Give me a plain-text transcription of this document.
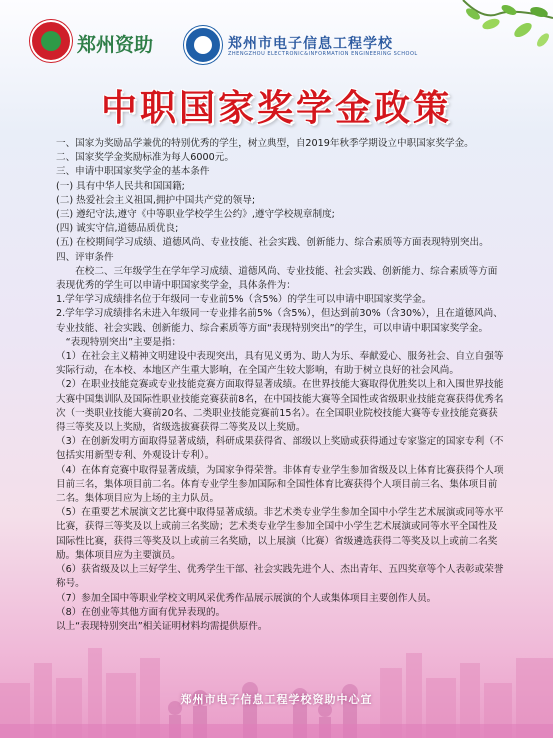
郑州资助	郑州市电子信息工程学校
ZHENGZHOU ELECTRONIC&INFORMATION ENGINEERING SCHOOL
中职国家奖学金政策

一、国家为奖励品学兼优的特别优秀的学生，树立典型，自2019年秋季学期设立中职国家奖学金。

二、国家奖学金奖励标准为每人6000元。

三、申请中职国家奖学金的基本条件

(一) 具有中华人民共和国国籍;

(二) 热爱社会主义祖国,拥护中国共产党的领导;

(三) 遵纪守法,遵守《中等职业学校学生公约》,遵守学校规章制度;

(四) 诚实守信,道德品质优良;

(五) 在校期间学习成绩、道德风尚、专业技能、社会实践、创新能力、综合素质等方面表现特别突出。

四、评审条件

在校二、三年级学生在学年学习成绩、道德风尚、专业技能、社会实践、创新能力、综合素质等方面表现优秀的学生可以申请中职国家奖学金，具体条件为：

1.学年学习成绩排名位于年级同一专业前5%（含5%）的学生可以申请中职国家奖学金。

2.学年学习成绩排名未进入年级同一专业排名前5%（含5%），但达到前30%（含30%），且在道德风尚、专业技能、社会实践、创新能力、综合素质等方面“表现特别突出”的学生，可以申请中职国家奖学金。

“表现特别突出”主要是指：

（1）在社会主义精神文明建设中表现突出，具有见义勇为、助人为乐、奉献爱心、服务社会、自立自强等实际行动，在本校、本地区产生重大影响，在全国产生较大影响，有助于树立良好的社会风尚。

（2）在职业技能竞赛或专业技能竞赛方面取得显著成绩。在世界技能大赛取得优胜奖以上和入围世界技能大赛中国集训队及国际性职业技能竞赛获前8名，在中国技能大赛等全国性或省级职业技能竞赛获得优秀名次（一类职业技能大赛前20名、二类职业技能竞赛前15名）。在全国职业院校技能大赛等专业技能竞赛获得三等奖及以上奖励，省级选拔赛获得二等奖及以上奖励。

（3）在创新发明方面取得显著成绩，科研成果获得省、部级以上奖励或获得通过专家鉴定的国家专利（不包括实用新型专利、外观设计专利）。

（4）在体育竞赛中取得显著成绩，为国家争得荣誉。非体育专业学生参加省级及以上体育比赛获得个人项目前三名，集体项目前二名。体育专业学生参加国际和全国性体育比赛获得个人项目前三名、集体项目前二名。集体项目应为上场的主力队员。

（5）在重要艺术展演文艺比赛中取得显著成绩。非艺术类专业学生参加全国中小学生艺术展演或同等水平比赛，获得三等奖及以上或前三名奖励；艺术类专业学生参加全国中小学生艺术展演或同等水平全国性及国际性比赛，获得三等奖及以上或前三名奖励，以上展演（比赛）省级遴选获得二等奖及以上或前二名奖励。集体项目应为主要演员。

（6）获省级及以上三好学生、优秀学生干部、社会实践先进个人、杰出青年、五四奖章等个人表彰或荣誉称号。

（7）参加全国中等职业学校文明风采优秀作品展示展演的个人或集体项目主要创作人员。

（8）在创业等其他方面有优异表现的。

以上“表现特别突出”相关证明材料均需提供原件。

郑州市电子信息工程学校资助中心宣
